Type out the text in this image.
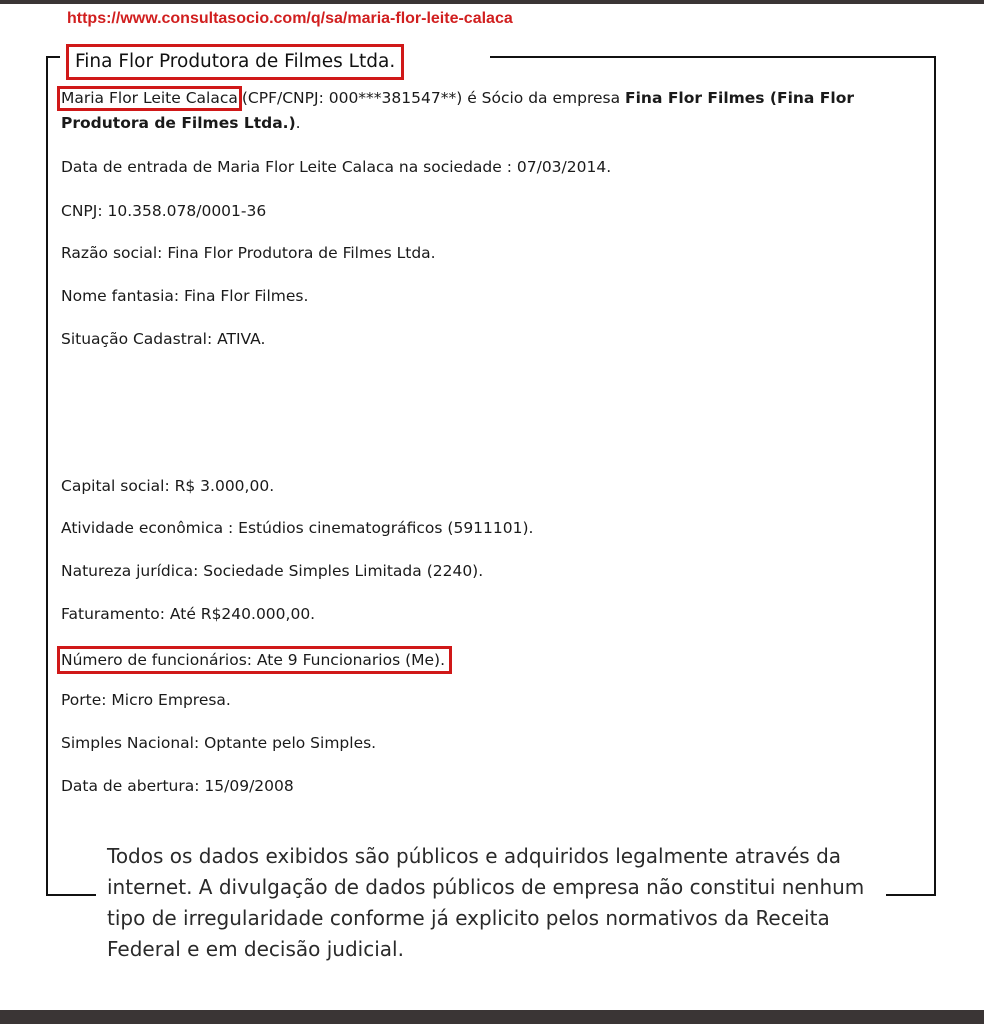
https://www.consultasocio.com/q/sa/maria-flor-leite-calaca
Fina Flor Produtora de Filmes Ltda.
Maria Flor Leite Calaca (CPF/CNPJ: 000***381547**) é Sócio da empresa Fina Flor Filmes (Fina Flor Produtora de Filmes Ltda.).
Data de entrada de Maria Flor Leite Calaca na sociedade : 07/03/2014.
CNPJ: 10.358.078/0001-36
Razão social: Fina Flor Produtora de Filmes Ltda.
Nome fantasia: Fina Flor Filmes.
Situação Cadastral: ATIVA.
Capital social: R$ 3.000,00.
Atividade econômica : Estúdios cinematográficos (5911101).
Natureza jurídica: Sociedade Simples Limitada (2240).
Faturamento: Até R$240.000,00.
Número de funcionários: Ate 9 Funcionarios (Me).
Porte: Micro Empresa.
Simples Nacional: Optante pelo Simples.
Data de abertura: 15/09/2008
Todos os dados exibidos são públicos e adquiridos legalmente através da internet. A divulgação de dados públicos de empresa não constitui nenhum tipo de irregularidade conforme já explicito pelos normativos da Receita Federal e em decisão judicial.
